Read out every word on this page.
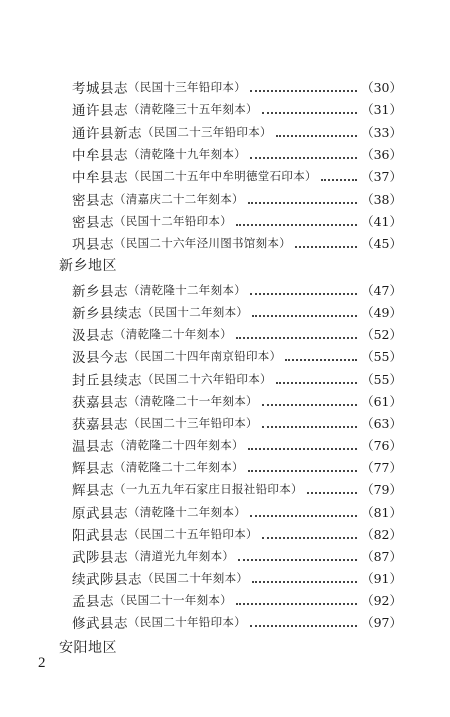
新乡地区
安阳地区
2
考城县志 （民国十三年铅印本）	（30）
通许县志 （清乾隆三十五年刻本）	（31）
通许县新志 （民国二十三年铅印本）	（33）
中牟县志 （清乾隆十九年刻本）	（36）
中牟县志 （民国二十五年中牟明德堂石印本）	（37）
密县志 （清嘉庆二十二年刻本）	（38）
密县志 （民国十二年铅印本）	（41）
巩县志 （民国二十六年泾川图书馆刻本）	（45）
新乡县志 （清乾隆十二年刻本）	（47）
新乡县续志 （民国十二年刻本）	（49）
汲县志 （清乾隆二十年刻本）	（52）
汲县今志 （民国二十四年南京铅印本）	（55）
封丘县续志 （民国二十六年铅印本）	（55）
获嘉县志 （清乾隆二十一年刻本）	（61）
获嘉县志 （民国二十三年铅印本）	（63）
温县志 （清乾隆二十四年刻本）	（76）
辉县志 （清乾隆二十二年刻本）	（77）
辉县志 （一九五九年石家庄日报社铅印本）	（79）
原武县志 （清乾隆十二年刻本）	（81）
阳武县志 （民国二十五年铅印本）	（82）
武陟县志 （清道光九年刻本）	（87）
续武陟县志 （民国二十年刻本）	（91）
孟县志 （民国二十一年刻本）	（92）
修武县志 （民国二十年铅印本）	（97）
